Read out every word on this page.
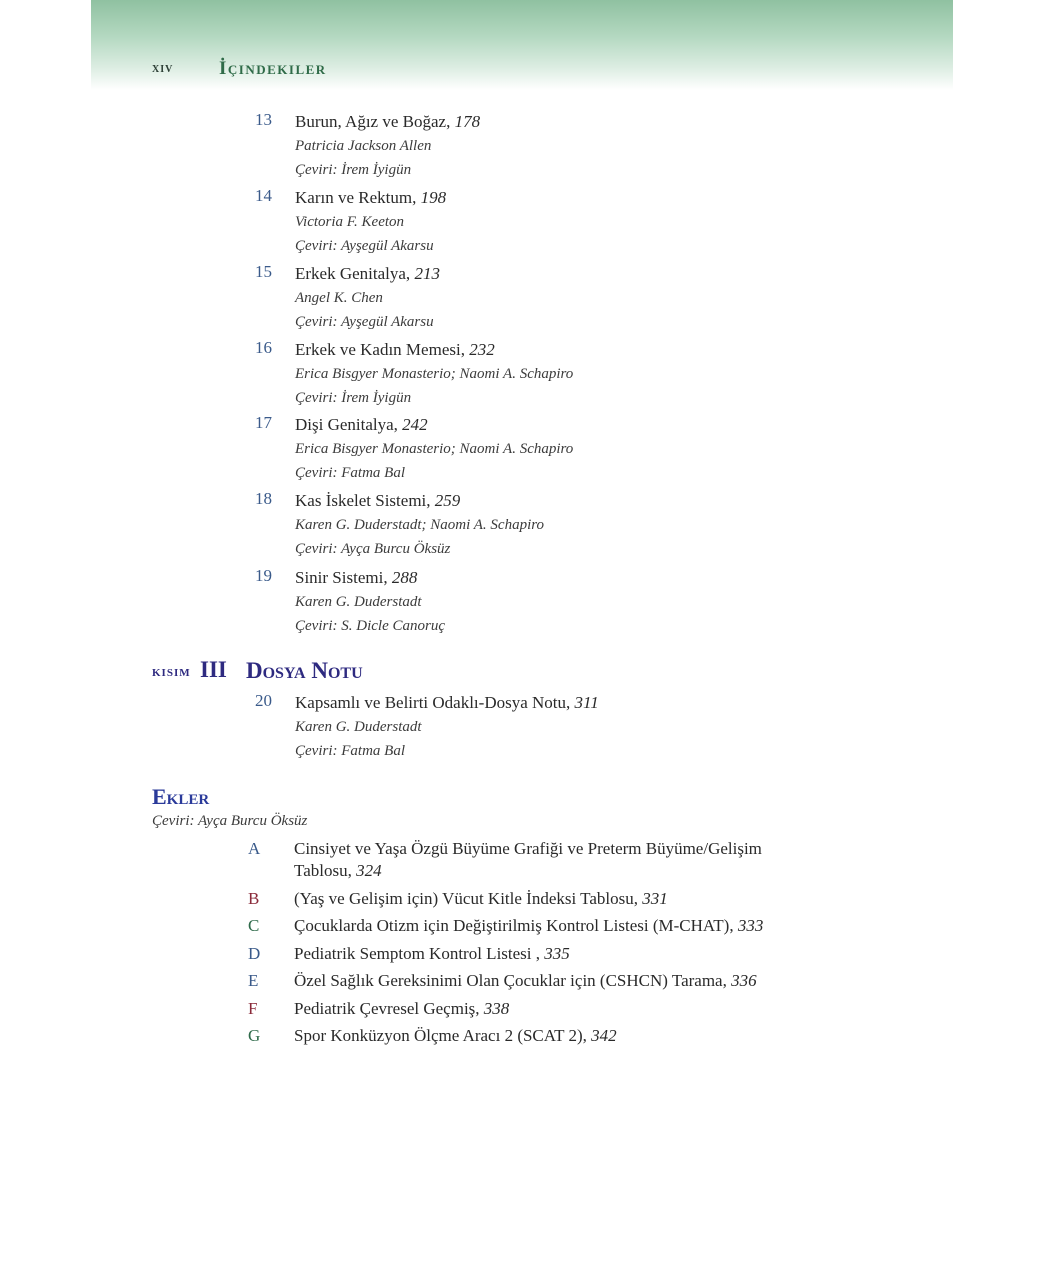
xiv İçindekiler
13	Burun, Ağız ve Boğaz, 178
Patricia Jackson Allen
Çeviri: İrem İyigün
14	Karın ve Rektum, 198
Victoria F. Keeton
Çeviri: Ayşegül Akarsu
15	Erkek Genitalya, 213
Angel K. Chen
Çeviri: Ayşegül Akarsu
16	Erkek ve Kadın Memesi, 232
Erica Bisgyer Monasterio; Naomi A. Schapiro
Çeviri: İrem İyigün
17	Dişi Genitalya, 242
Erica Bisgyer Monasterio; Naomi A. Schapiro
Çeviri: Fatma Bal
18	Kas İskelet Sistemi, 259
Karen G. Duderstadt; Naomi A. Schapiro
Çeviri: Ayça Burcu Öksüz
19	Sinir Sistemi, 288
Karen G. Duderstadt
Çeviri: S. Dicle Canoruç
KISIM III Dosya Notu
20	Kapsamlı ve Belirti Odaklı-Dosya Notu, 311
Karen G. Duderstadt
Çeviri: Fatma Bal
Ekler
Çeviri: Ayça Burcu Öksüz
A	Cinsiyet ve Yaşa Özgü Büyüme Grafiği ve Preterm Büyüme/Gelişim
Tablosu, 324
B	(Yaş ve Gelişim için) Vücut Kitle İndeksi Tablosu, 331
C	Çocuklarda Otizm için Değiştirilmiş Kontrol Listesi (M-CHAT), 333
D	Pediatrik Semptom Kontrol Listesi , 335
E	Özel Sağlık Gereksinimi Olan Çocuklar için (CSHCN) Tarama, 336
F	Pediatrik Çevresel Geçmiş, 338
G	Spor Konküzyon Ölçme Aracı 2 (SCAT 2), 342
